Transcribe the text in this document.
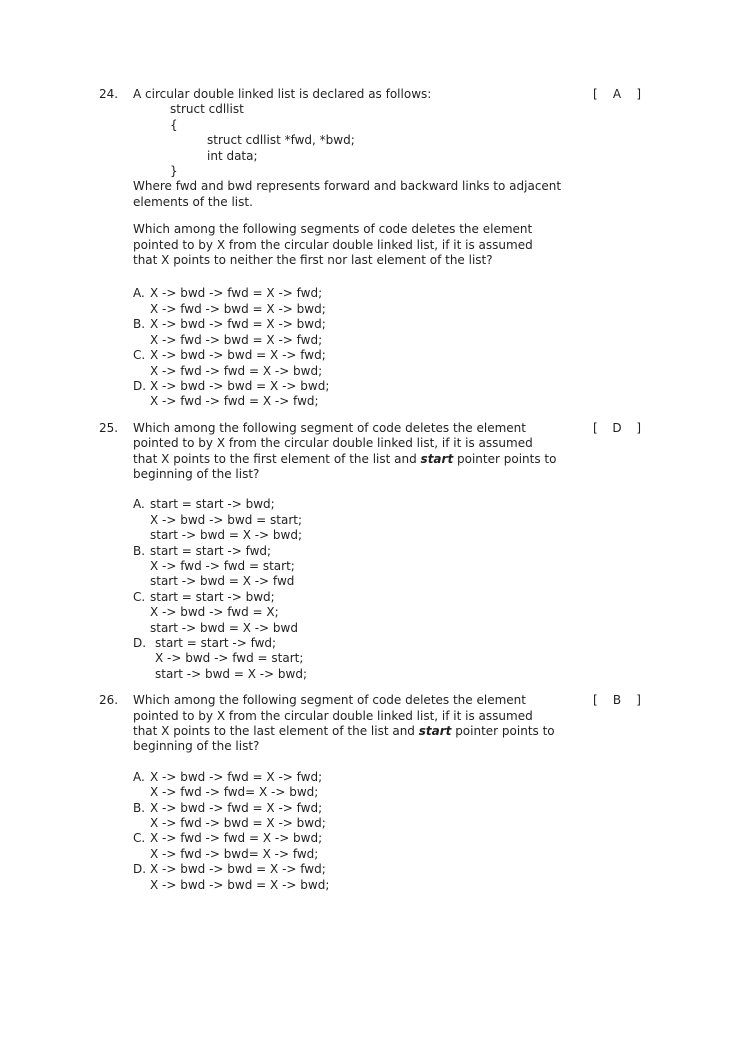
24.	A circular double linked list is declared as follows:
struct cdllist
{
struct cdllist *fwd, *bwd;
int data;
}
Where fwd and bwd represents forward and backward links to adjacent
elements of the list.
Which among the following segments of code deletes the element
pointed to by X from the circular double linked list, if it is assumed
that X points to neither the first nor last element of the list?
A. X -> bwd -> fwd = X -> fwd;
X -> fwd -> bwd = X -> bwd;
B. X -> bwd -> fwd = X -> bwd;
X -> fwd -> bwd = X -> fwd;
C. X -> bwd -> bwd = X -> fwd;
X -> fwd -> fwd = X -> bwd;
D. X -> bwd -> bwd = X -> bwd;
X -> fwd -> fwd = X -> fwd;
[ A ]
25.	Which among the following segment of code deletes the element
pointed to by X from the circular double linked list, if it is assumed
that X points to the first element of the list and start pointer points to
beginning of the list?
A. start = start -> bwd;
X -> bwd -> bwd = start;
start -> bwd = X -> bwd;
B. start = start -> fwd;
X -> fwd -> fwd = start;
start -> bwd = X -> fwd
C. start = start -> bwd;
X -> bwd -> fwd = X;
start -> bwd = X -> bwd
D. start = start -> fwd;
X -> bwd -> fwd = start;
start -> bwd = X -> bwd;
[ D ]
26.	Which among the following segment of code deletes the element
pointed to by X from the circular double linked list, if it is assumed
that X points to the last element of the list and start pointer points to
beginning of the list?
A. X -> bwd -> fwd = X -> fwd;
X -> fwd -> fwd= X -> bwd;
B. X -> bwd -> fwd = X -> fwd;
X -> fwd -> bwd = X -> bwd;
C. X -> fwd -> fwd = X -> bwd;
X -> fwd -> bwd= X -> fwd;
D. X -> bwd -> bwd = X -> fwd;
X -> bwd -> bwd = X -> bwd;
[ B ]
